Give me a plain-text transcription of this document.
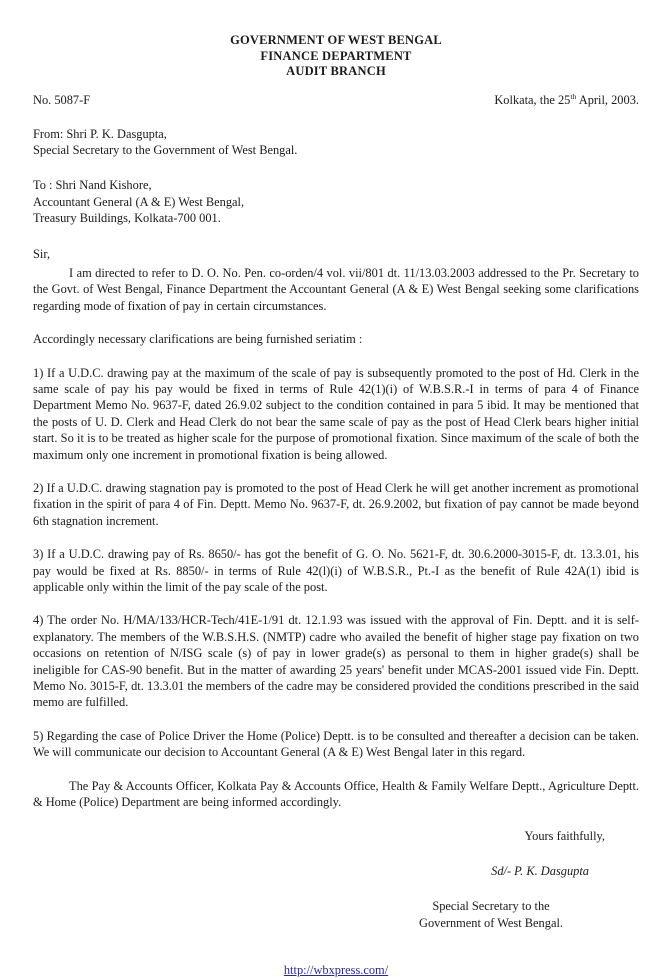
GOVERNMENT OF WEST BENGAL
FINANCE DEPARTMENT
AUDIT BRANCH
No. 5087-F	Kolkata, the 25th April, 2003.
From: Shri P. K. Dasgupta,
Special Secretary to the Government of West Bengal.
To : Shri Nand Kishore,
Accountant General (A & E) West Bengal,
Treasury Buildings, Kolkata-700 001.
Sir,

I am directed to refer to D. O. No. Pen. co-orden/4 vol. vii/801 dt. 11/13.03.2003 addressed to the Pr. Secretary to the Govt. of West Bengal, Finance Department the Accountant General (A & E) West Bengal seeking some clarifications regarding mode of fixation of pay in certain circumstances.

Accordingly necessary clarifications are being furnished seriatim :

1) If a U.D.C. drawing pay at the maximum of the scale of pay is subsequently promoted to the post of Hd. Clerk in the same scale of pay his pay would be fixed in terms of Rule 42(1)(i) of W.B.S.R.-I in terms of para 4 of Finance Department Memo No. 9637-F, dated 26.9.02 subject to the condition contained in para 5 ibid. It may be mentioned that the posts of U. D. Clerk and Head Clerk do not bear the same scale of pay as the post of Head Clerk bears higher initial start. So it is to be treated as higher scale for the purpose of promotional fixation. Since maximum of the scale of both the maximum only one increment in promotional fixation is being allowed.

2) If a U.D.C. drawing stagnation pay is promoted to the post of Head Clerk he will get another increment as promotional fixation in the spirit of para 4 of Fin. Deptt. Memo No. 9637-F, dt. 26.9.2002, but fixation of pay cannot be made beyond 6th stagnation increment.

3) If a U.D.C. drawing pay of Rs. 8650/- has got the benefit of G. O. No. 5621-F, dt. 30.6.2000-3015-F, dt. 13.3.01, his pay would be fixed at Rs. 8850/- in terms of Rule 42(l)(i) of W.B.S.R., Pt.-I as the benefit of Rule 42A(1) ibid is applicable only within the limit of the pay scale of the post.

4) The order No. H/MA/133/HCR-Tech/41E-1/91 dt. 12.1.93 was issued with the approval of Fin. Deptt. and it is self-explanatory. The members of the W.B.S.H.S. (NMTP) cadre who availed the benefit of higher stage pay fixation on two occasions on retention of N/ISG scale (s) of pay in lower grade(s) as personal to them in higher grade(s) shall be ineligible for CAS-90 benefit. But in the matter of awarding 25 years' benefit under MCAS-2001 issued vide Fin. Deptt. Memo No. 3015-F, dt. 13.3.01 the members of the cadre may be considered provided the conditions prescribed in the said memo are fulfilled.

5) Regarding the case of Police Driver the Home (Police) Deptt. is to be consulted and thereafter a decision can be taken. We will communicate our decision to Accountant General (A & E) West Bengal later in this regard.

The Pay & Accounts Officer, Kolkata Pay & Accounts Office, Health & Family Welfare Deptt., Agriculture Deptt. & Home (Police) Department are being informed accordingly.

Yours faithfully,
Sd/- P. K. Dasgupta
Special Secretary to the
Government of West Bengal.
http://wbxpress.com/
